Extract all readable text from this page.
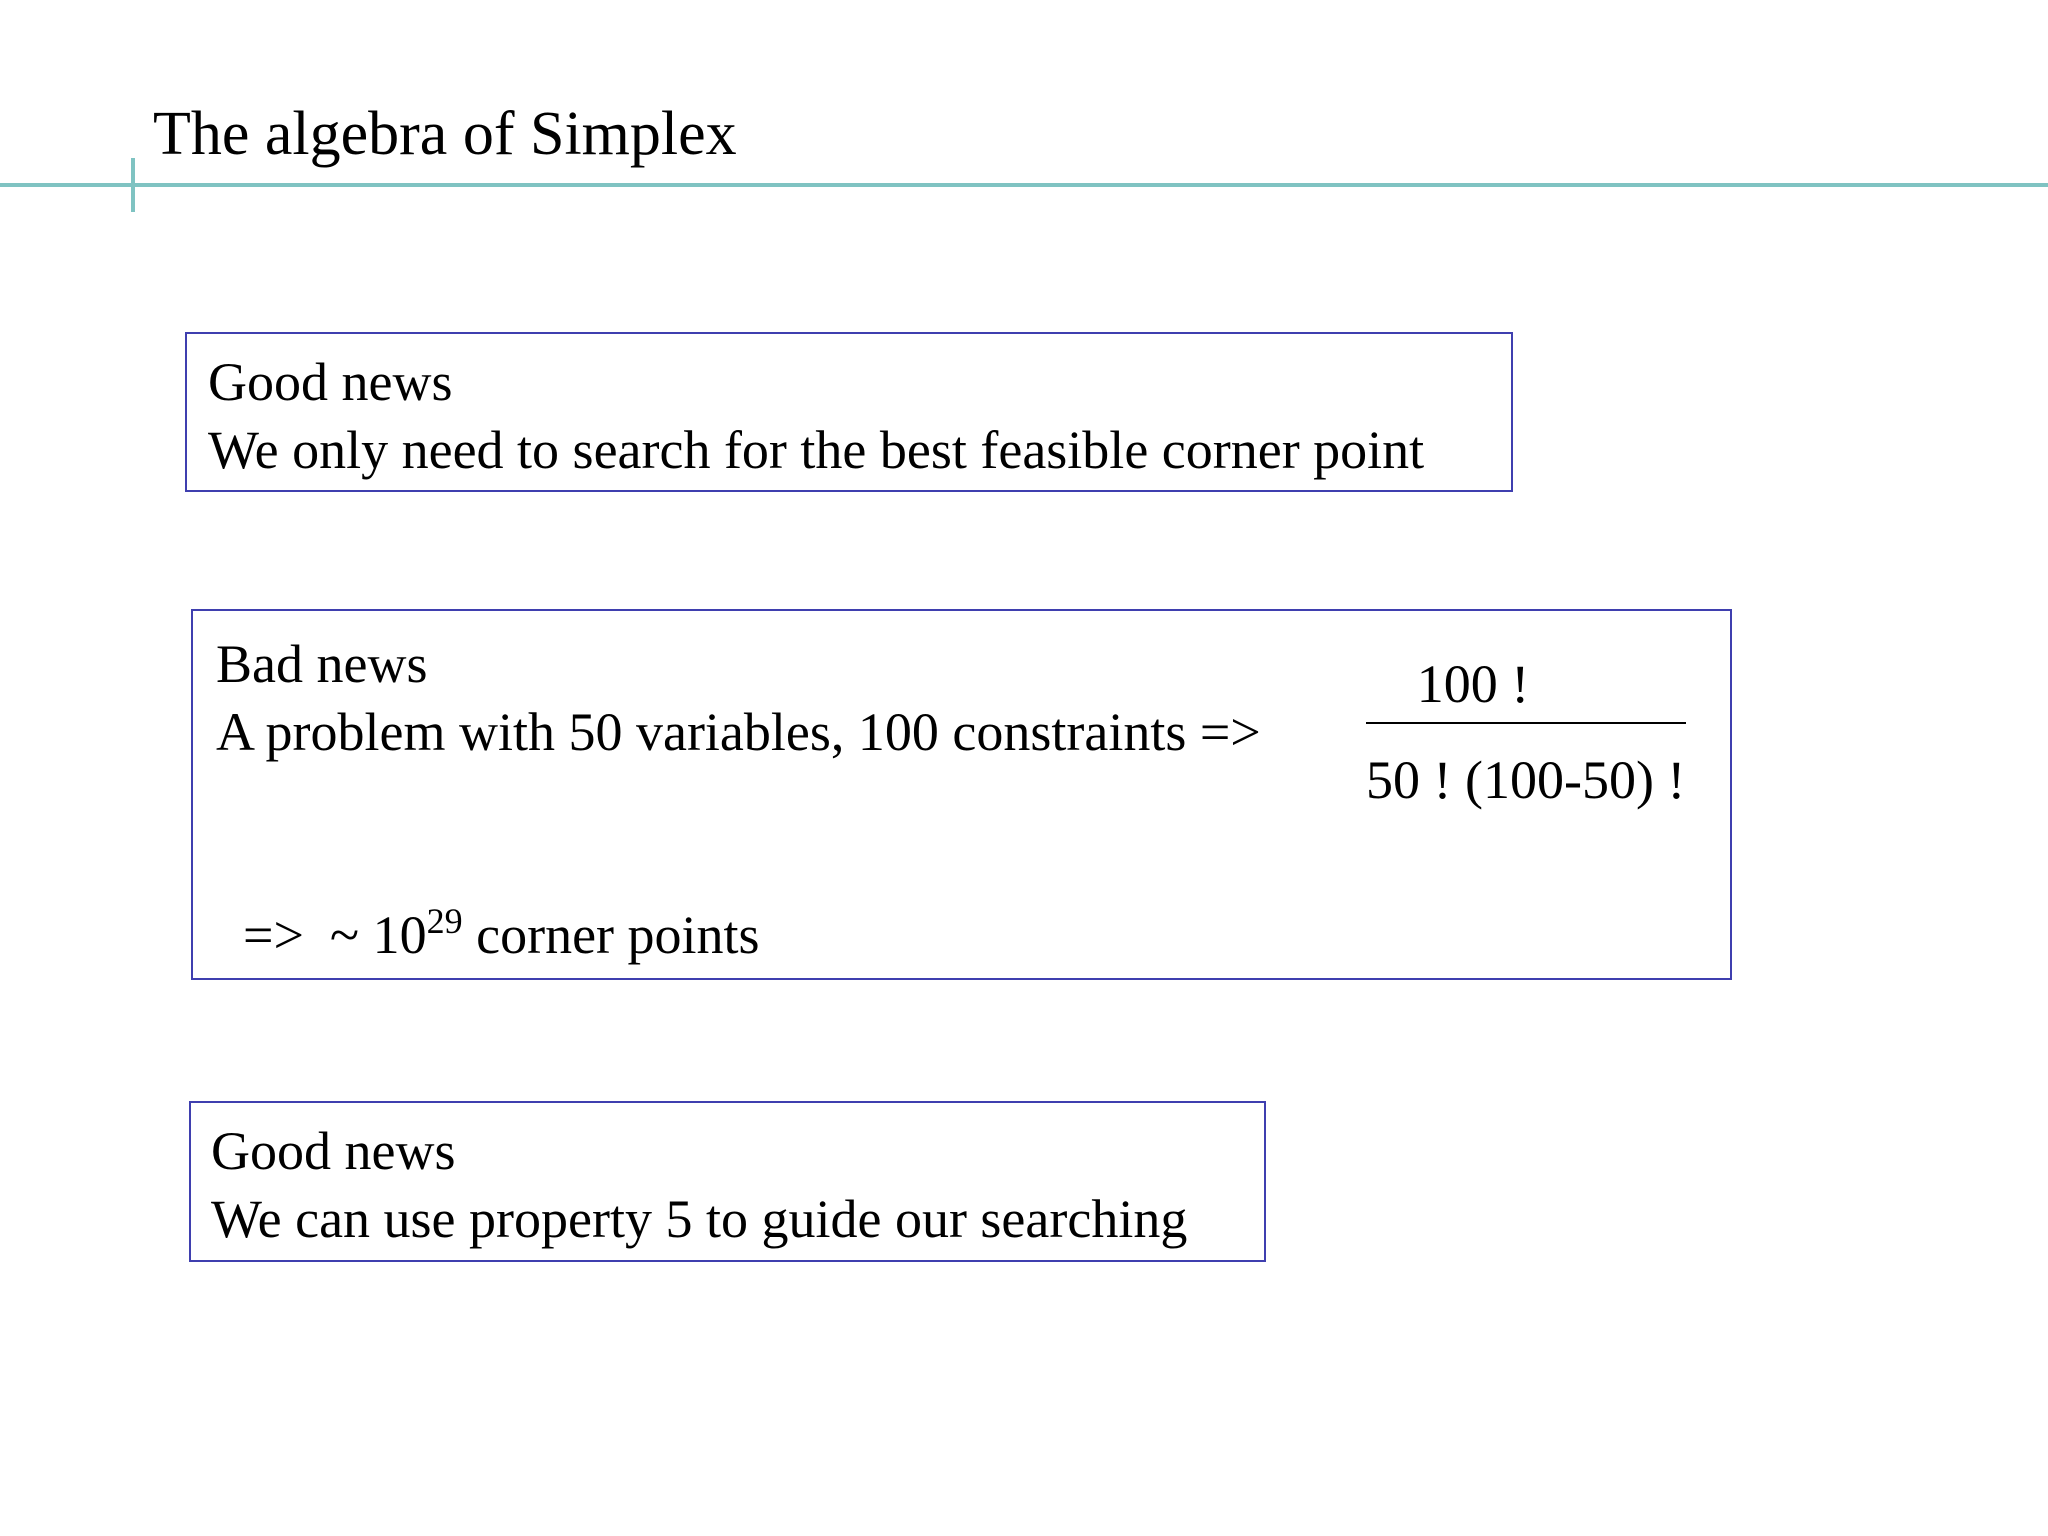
The algebra of Simplex
Good news
We only need to search for the best feasible corner point
Bad news
A problem with 50 variables, 100 constraints =>
100 !
50 ! (100-50) !
=> ~ $10^{29}$ corner points
Good news
We can use property 5 to guide our searching
